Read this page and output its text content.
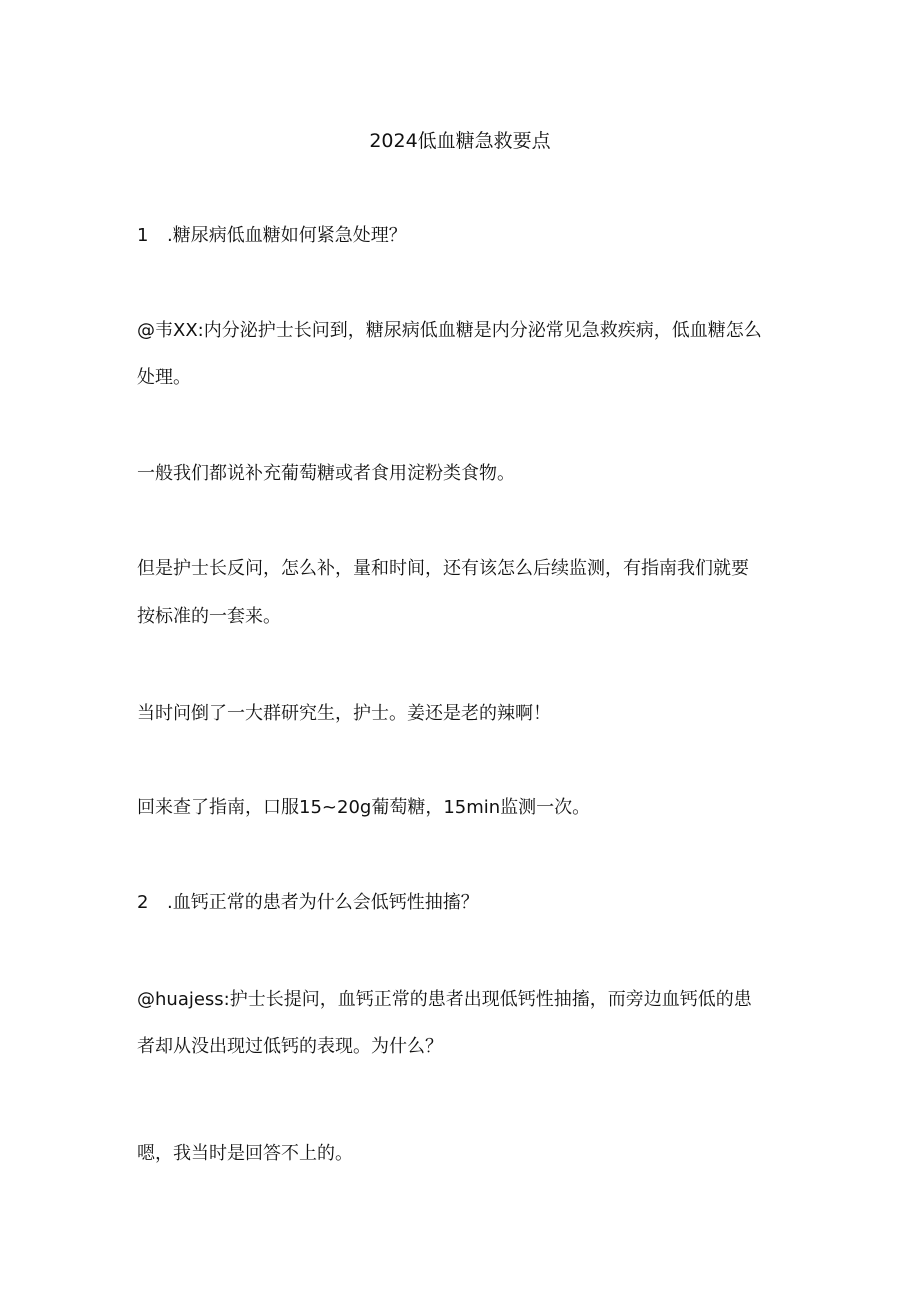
2024低血糖急救要点

1 .糖尿病低血糖如何紧急处理？

@韦XX:内分泌护士长问到，糖尿病低血糖是内分泌常见急救疾病，低血糖怎么

处理。

一般我们都说补充葡萄糖或者食用淀粉类食物。

但是护士长反问，怎么补，量和时间，还有该怎么后续监测，有指南我们就要

按标准的一套来。

当时问倒了一大群研究生，护士。姜还是老的辣啊！

回来查了指南，口服15~20g葡萄糖，15min监测一次。

2 .血钙正常的患者为什么会低钙性抽搐？

@huajess:护士长提问，血钙正常的患者出现低钙性抽搐，而旁边血钙低的患

者却从没出现过低钙的表现。为什么？

嗯，我当时是回答不上的。
